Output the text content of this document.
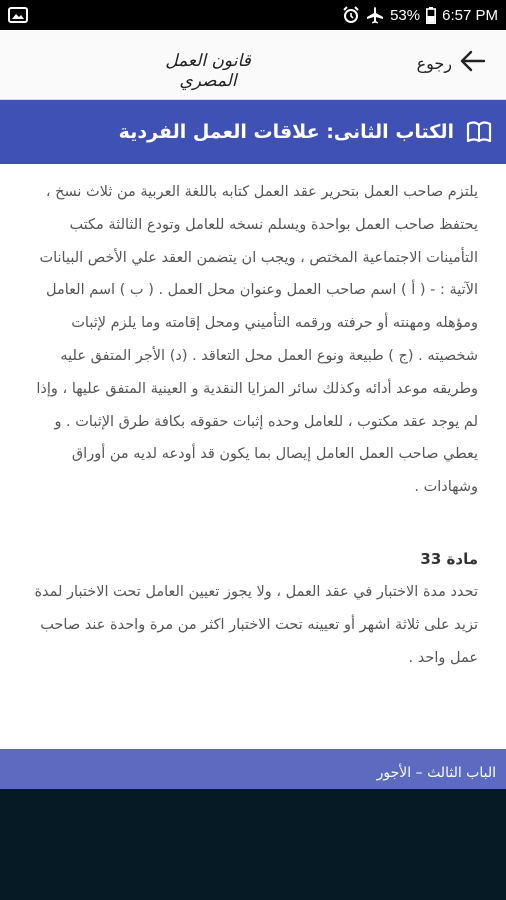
53% 6:57 PM
رجوع
قانون العمل المصري
الكتاب الثانى: علاقات العمل الفردية

يلتزم صاحب العمل بتحرير عقد العمل كتابه باللغة العربية من ثلاث نسخ ، يحتفظ صاحب العمل بواحدة ويسلم نسخه للعامل وتودع الثالثة مكتب التأمينات الاجتماعية المختص ، ويجب ان يتضمن العقد علي الأخص البيانات الآتية : - ( أ ) اسم صاحب العمل وعنوان محل العمل . ( ب ) اسم العامل ومؤهله ومهنته أو حرفته ورقمه التأميني ومحل إقامته وما يلزم لإثبات شخصيته . (ج ) طبيعة ونوع العمل محل التعاقد . (د) الأجر المتفق عليه وطريقه موعد أدائه وكذلك سائر المزايا النقدية و العينية المتفق عليها ، وإذا لم يوجد عقد مكتوب ، للعامل وحده إثبات حقوقه بكافة طرق الإثبات . و يعطي صاحب العمل العامل إيصال بما يكون قد أودعه لديه من أوراق وشهادات .

مادة 33

تحدد مدة الاختبار في عقد العمل ، ولا يجوز تعيين العامل تحت الاختبار لمدة تزيد على ثلاثة اشهر أو تعيينه تحت الاختبار اكثر من مرة واحدة عند صاحب عمل واحد .

الباب الثالث – الأجور
